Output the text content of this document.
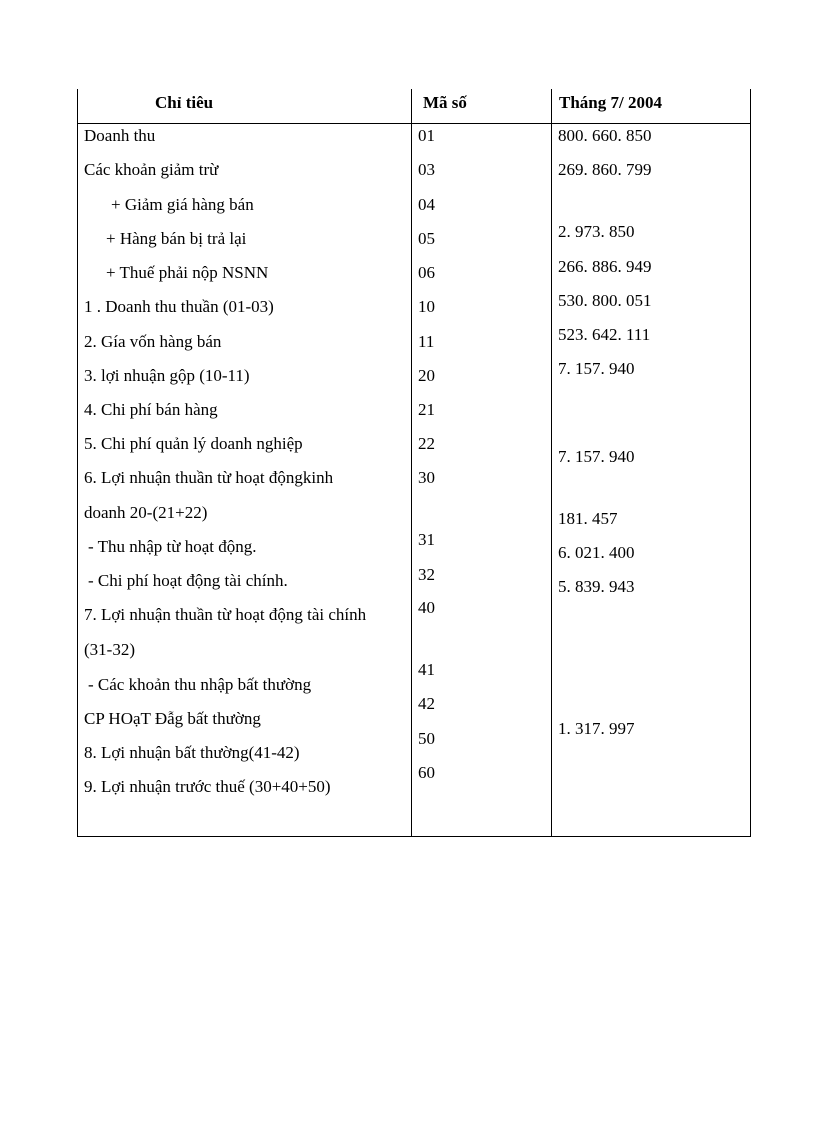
Chỉ tiêu	Mã số	Tháng 7/ 2004
Doanh thu
Các khoản giảm trừ
+ Giảm giá hàng bán
+ Hàng bán bị trả lại
+ Thuế phải nộp NSNN
1 . Doanh thu thuần (01-03)
2. Gía vốn hàng bán
3. lợi nhuận gộp (10-11)
4. Chi phí bán hàng
5. Chi phí quản lý doanh nghiệp
6. Lợi nhuận thuần từ hoạt độngkinh
doanh 20-(21+22)
- Thu nhập từ hoạt động.
- Chi phí hoạt động tài chính.
7. Lợi nhuận thuần từ hoạt động tài chính
(31-32)
- Các khoản thu nhập bất thường
CP HOạT Đẫg bất thường
8. Lợi nhuận bất thường(41-42)
9. Lợi nhuận trước thuế (30+40+50)
01
03
04
05
06
10
11
20
21
22
30
31
32
40
41
42
50
60
800. 660. 850
269. 860. 799
2. 973. 850
266. 886. 949
530. 800. 051
523. 642. 111
7. 157. 940
7. 157. 940
181. 457
6. 021. 400
5. 839. 943
1. 317. 997
